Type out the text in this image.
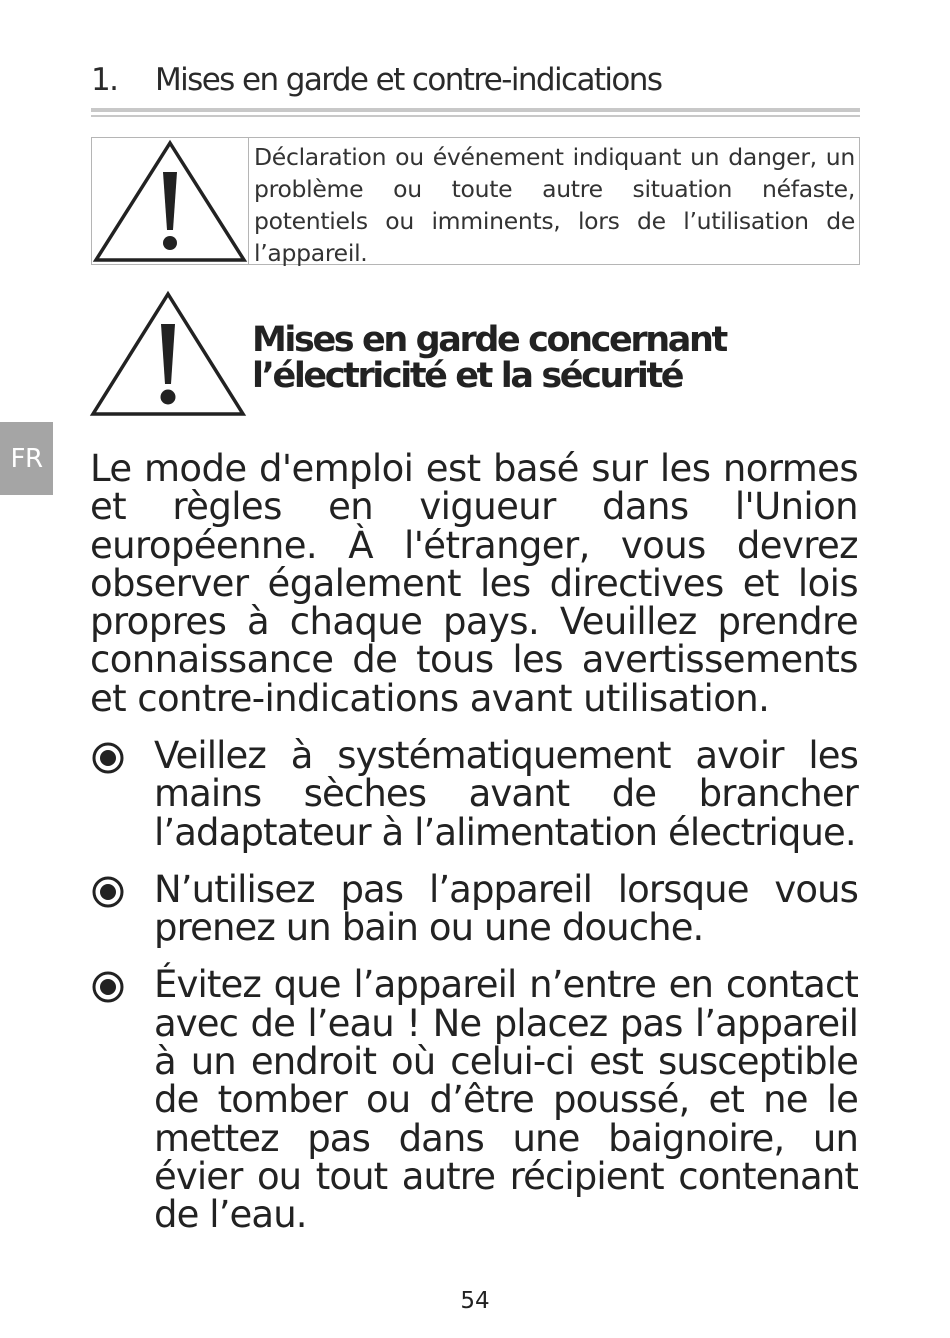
1. Mises en garde et contre-indications
Déclaration ou événement indiquant un danger, un problème ou toute autre situation néfaste, potentiels ou imminents, lors de l’utilisation de l’appareil.
Mises en garde concernant
l’électricité et la sécurité
FR Le mode d'emploi est basé sur les normes et règles en vigueur dans l'Union européenne. À l'étranger, vous devrez observer également les directives et lois propres à chaque pays. Veuillez prendre connaissance de tous les avertissements et contre-indications avant utilisation.
Veillez à systématiquement avoir les mains sèches avant de brancher l’adaptateur à l’alimentation électrique.
N’utilisez pas l’appareil lorsque vous prenez un bain ou une douche.
Évitez que l’appareil n’entre en contact avec de l’eau ! Ne placez pas l’appareil à un endroit où celui-ci est susceptible de tomber ou d’être poussé, et ne le mettez pas dans une baignoire, un évier ou tout autre récipient contenant de l’eau.
54
